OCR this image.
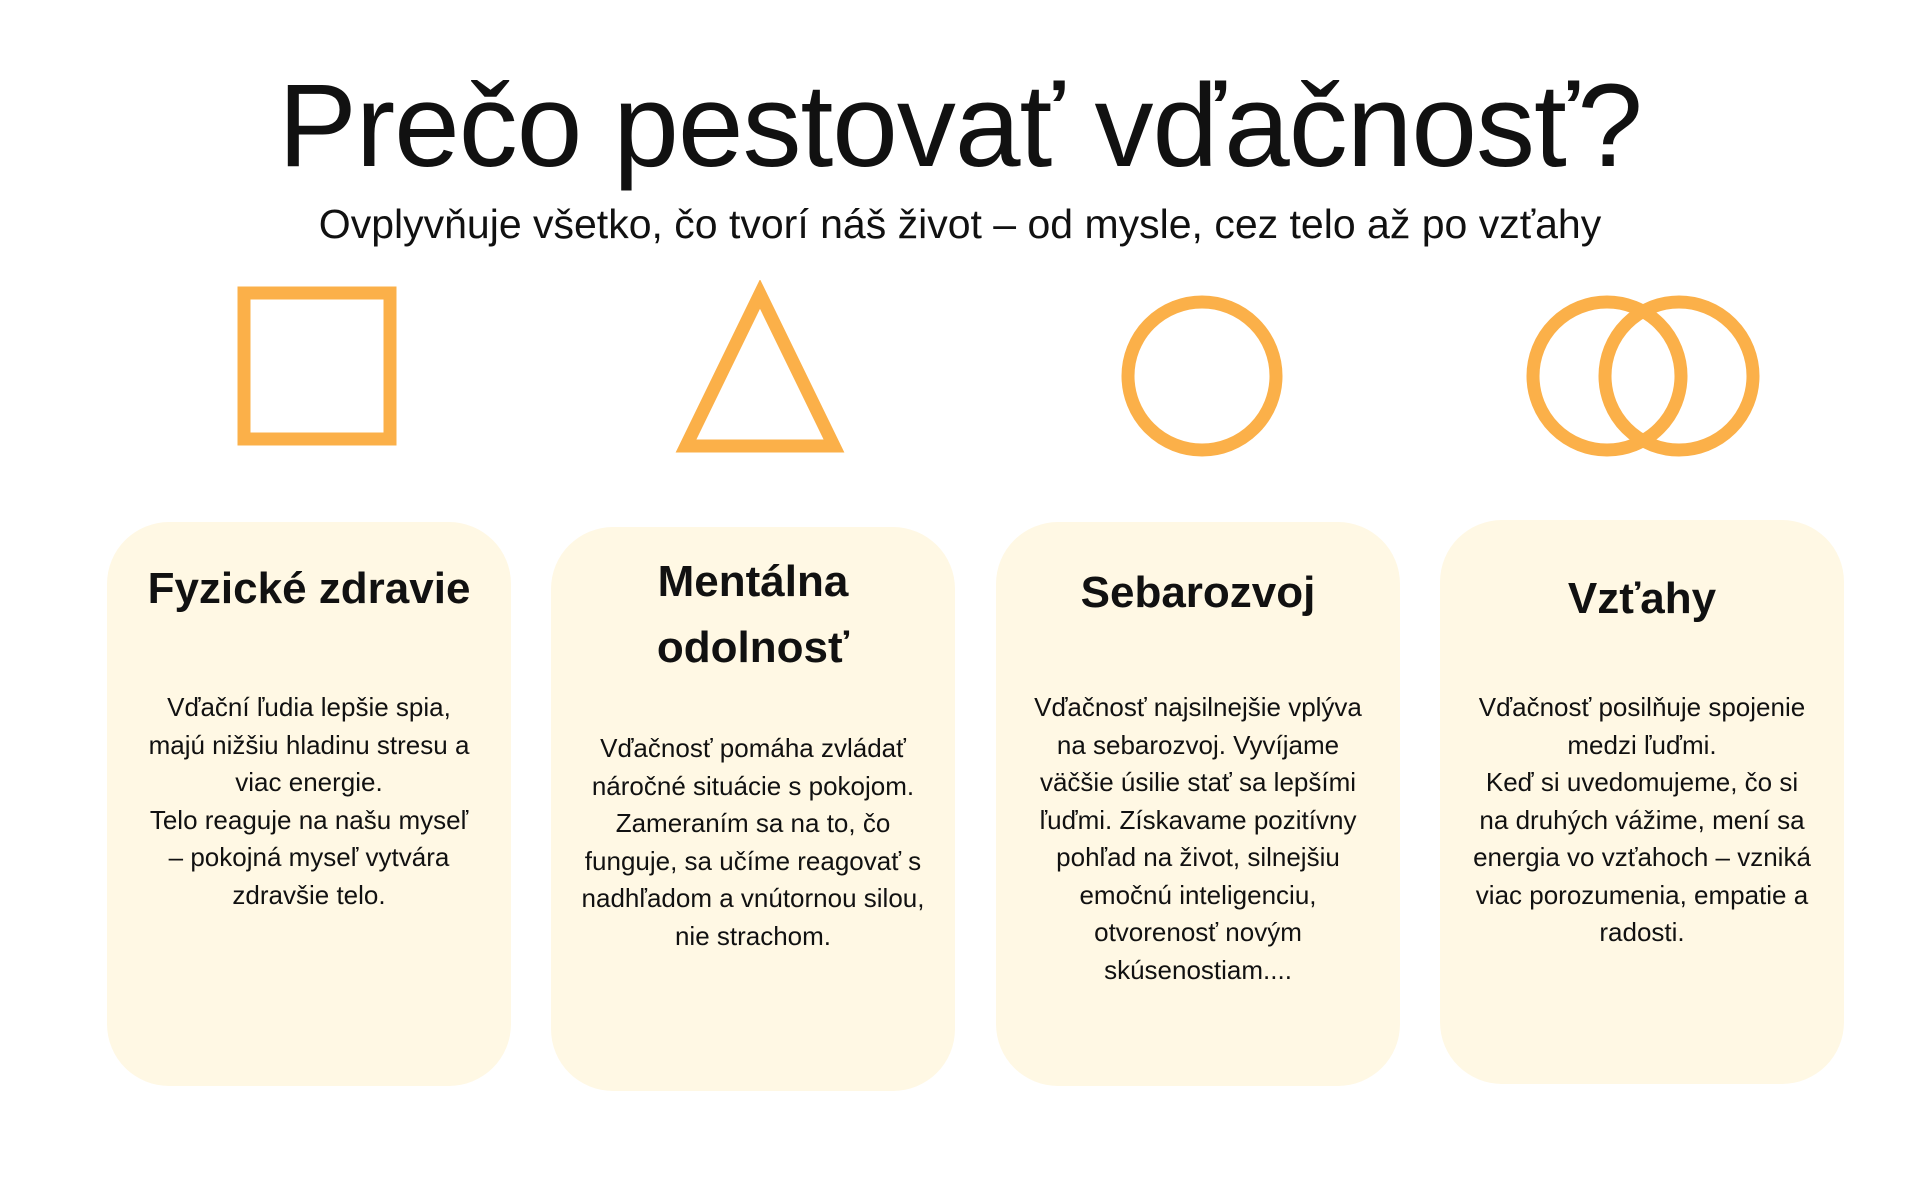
Prečo pestovať vďačnosť?

Ovplyvňuje všetko, čo tvorí náš život – od mysle, cez telo až po vzťahy

Fyzické zdravie

Vďační ľudia lepšie spia,
majú nižšiu hladinu stresu a
viac energie.
Telo reaguje na našu myseľ
– pokojná myseľ vytvára
zdravšie telo.

Mentálna
odolnosť

Vďačnosť pomáha zvládať
náročné situácie s pokojom.
Zameraním sa na to, čo
funguje, sa učíme reagovať s
nadhľadom a vnútornou silou,
nie strachom.

Sebarozvoj

Vďačnosť najsilnejšie vplýva
na sebarozvoj. Vyvíjame
väčšie úsilie stať sa lepšími
ľuďmi. Získavame pozitívny
pohľad na život, silnejšiu
emočnú inteligenciu,
otvorenosť novým
skúsenostiam....

Vzťahy

Vďačnosť posilňuje spojenie
medzi ľuďmi.
Keď si uvedomujeme, čo si
na druhých vážime, mení sa
energia vo vzťahoch – vzniká
viac porozumenia, empatie a
radosti.
